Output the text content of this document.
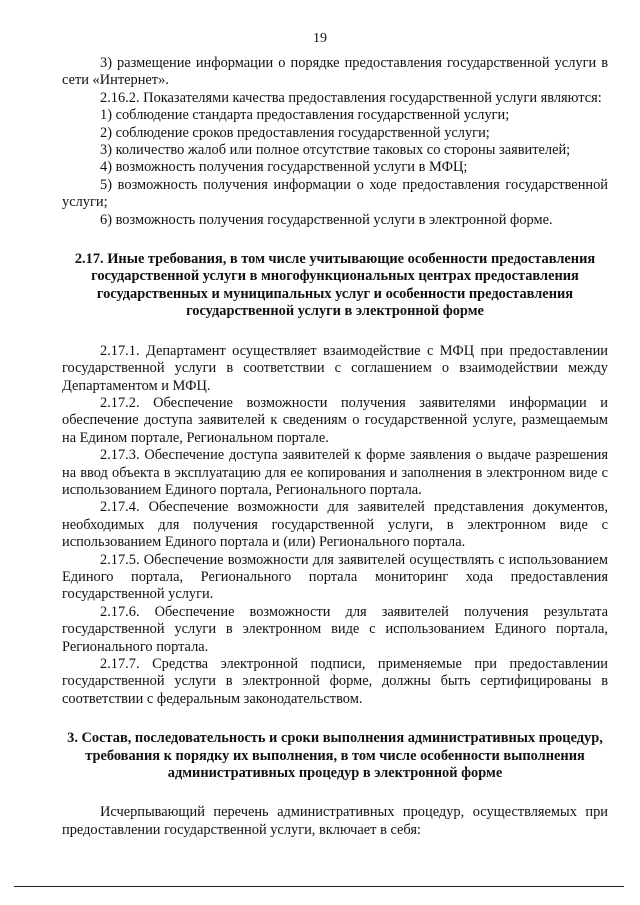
19

3) размещение информации о порядке предоставления государственной услуги в сети «Интернет».

2.16.2. Показателями качества предоставления государственной услуги являются:

1) соблюдение стандарта предоставления государственной услуги;

2) соблюдение сроков предоставления государственной услуги;

3) количество жалоб или полное отсутствие таковых со стороны заявителей;

4) возможность получения государственной услуги в МФЦ;

5) возможность получения информации о ходе предоставления государственной услуги;

6) возможность получения государственной услуги в электронной форме.

2.17. Иные требования, в том числе учитывающие особенности предоставления государственной услуги в многофункциональных центрах предоставления государственных и муниципальных услуг и особенности предоставления государственной услуги в электронной форме

2.17.1. Департамент осуществляет взаимодействие с МФЦ при предоставлении государственной услуги в соответствии с соглашением о взаимодействии между Департаментом и МФЦ.

2.17.2. Обеспечение возможности получения заявителями информации и обеспечение доступа заявителей к сведениям о государственной услуге, размещаемым на Едином портале, Региональном портале.

2.17.3. Обеспечение доступа заявителей к форме заявления о выдаче разрешения на ввод объекта в эксплуатацию для ее копирования и заполнения в электронном виде с использованием Единого портала, Регионального портала.

2.17.4. Обеспечение возможности для заявителей представления документов, необходимых для получения государственной услуги, в электронном виде с использованием Единого портала и (или) Регионального портала.

2.17.5. Обеспечение возможности для заявителей осуществлять с использованием Единого портала, Регионального портала мониторинг хода предоставления государственной услуги.

2.17.6. Обеспечение возможности для заявителей получения результата государственной услуги в электронном виде с использованием Единого портала, Регионального портала.

2.17.7. Средства электронной подписи, применяемые при предоставлении государственной услуги в электронной форме, должны быть сертифицированы в соответствии с федеральным законодательством.

3. Состав, последовательность и сроки выполнения административных процедур, требования к порядку их выполнения, в том числе особенности выполнения административных процедур в электронной форме

Исчерпывающий перечень административных процедур, осуществляемых при предоставлении государственной услуги, включает в себя:
